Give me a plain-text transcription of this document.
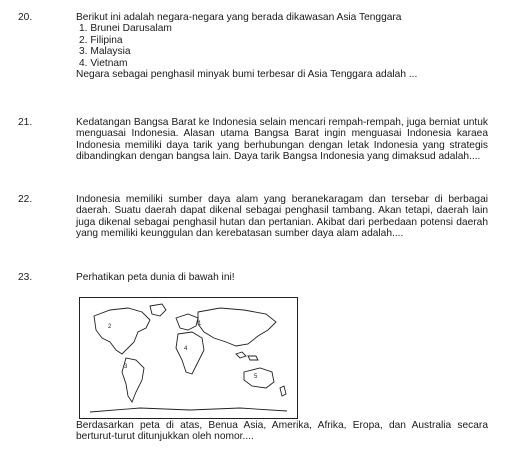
20.	Berikut ini adalah negara-negara yang berada dikawasan Asia Tenggara
1. Brunei Darusalam
2. Filipina
3. Malaysia
4. Vietnam
Negara sebagai penghasil minyak bumi terbesar di Asia Tenggara adalah ...
21.	Kedatangan Bangsa Barat ke Indonesia selain mencari rempah-rempah, juga berniat untuk menguasai Indonesia. Alasan utama Bangsa Barat ingin menguasai Indonesia karaea Indonesia memiliki daya tarik yang berhubungan dengan letak Indonesia yang strategis dibandingkan dengan bangsa lain. Daya tarik Bangsa Indonesia yang dimaksud adalah....
22.	Indonesia memiliki sumber daya alam yang beranekaragam dan tersebar di berbagai daerah. Suatu daerah dapat dikenal sebagai penghasil tambang. Akan tetapi, daerah lain juga dikenal sebagai penghasil hutan dan pertanian. Akibat dari perbedaan potensi daerah yang memiliki keunggulan dan kerebatasan sumber daya alam adalah....
23.	Perhatikan peta dunia di bawah ini!
1
2
3
4
5
Berdasarkan peta di atas, Benua Asia, Amerika, Afrika, Eropa, dan Australia secara berturut-turut ditunjukkan oleh nomor....
